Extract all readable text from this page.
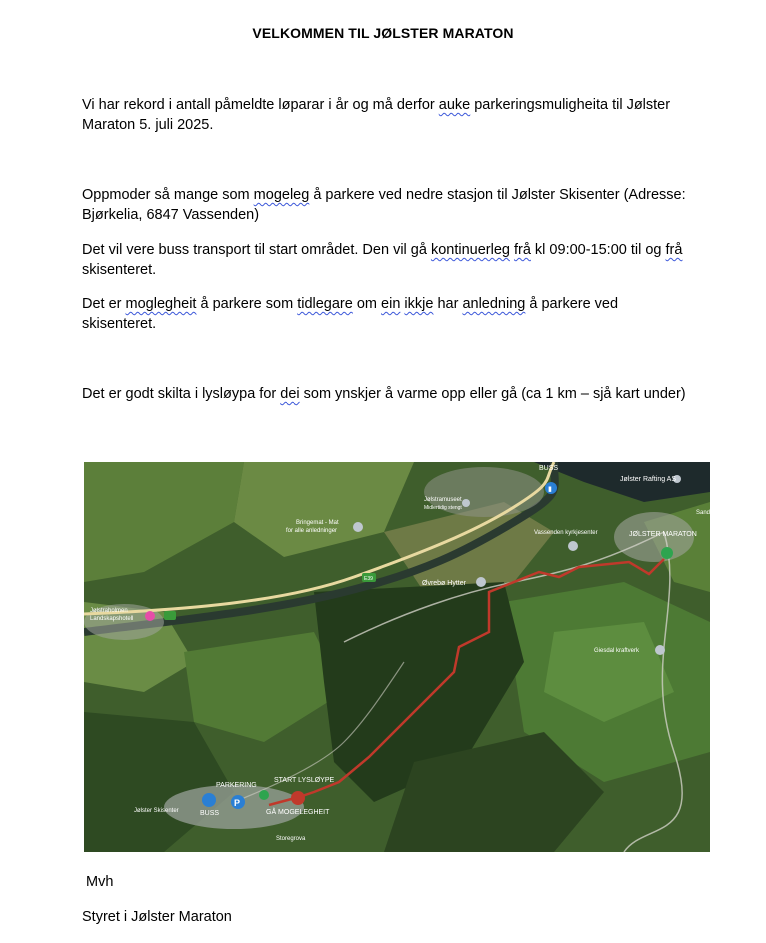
VELKOMMEN TIL JØLSTER MARATON
Vi har rekord i antall påmeldte løparar i år og må derfor auke parkeringsmuligheita til Jølster Maraton 5. juli 2025.
Oppmoder så mange som mogeleg å parkere ved nedre stasjon til Jølster Skisenter (Adresse: Bjørkelia, 6847 Vassenden)
Det vil vere buss transport til start området. Den vil gå kontinuerleg frå kl 09:00-15:00 til og frå skisenteret.
Det er moglegheit å parkere som tidlegare om ein ikkje har anledning å parkere ved skisenteret.
Det er godt skilta i lysløypa for dei som ynskjer å varme opp eller gå (ca 1 km – sjå kart under)
▮
P
BUSS
Jølster Rafting AS
JØLSTER MARATON
Bringemat - Mat
for alle anledninger
Jølstramuseet
Midlertidig stengt
Vassenden kyrkjesenter
Øvrebø Hytter
E39
Jølstraholmen
Landskapshotell
Giesdal kraftverk
PARKERING
START LYSLØYPE
GÅ MOGELEGHEIT
BUSS
Jølster Skisenter
Storegrova
Sand
Mvh
Styret i Jølster Maraton
